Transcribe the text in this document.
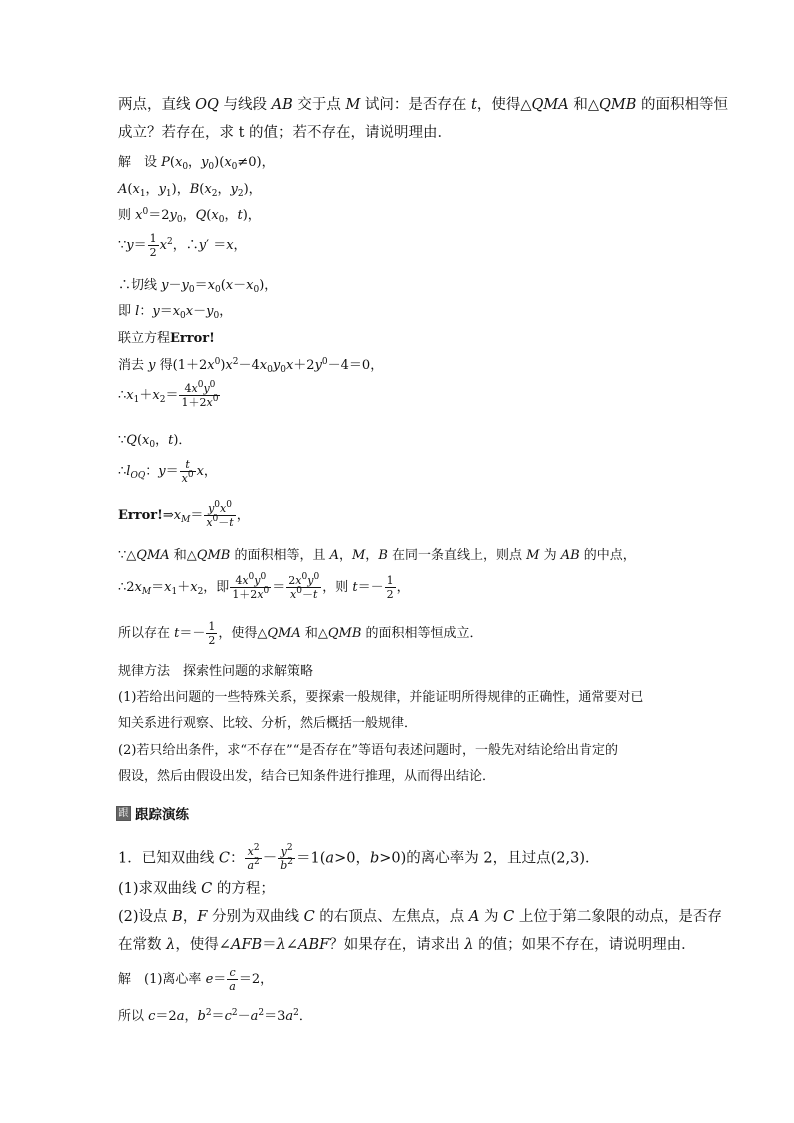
两点，直线 OQ 与线段 AB 交于点 M 试问：是否存在 t，使得△QMA 和△QMB 的面积相等恒
成立？若存在，求 t 的值；若不存在，请说明理由．
解　设 $P(x_0$，$y_0)(x_0\ne 0)$，
$A(x_1$，$y_1$)，$B(x_2$，$y_2$)，
则 $x^0=2y_0$，$Q(x_0$，t)，
∵y＝ $\frac{1}{2} x^2$，∴y′ ＝x，
∴切线 $y-y_0=x_0(x-x_0)$，
即 l：$y=x_0x-y_0$，
联立方程Error!
消去 y 得$(1+2x^0)x^2-4x_0y_0x+2y^0-4=0$，
$\therefore x_1+x_2= \frac{4x^0y^0}{1+2x^0}$
$\because Q(x_0$，t)．
$\therefore l_{OQ}$：$y= \frac{t}{x^0}$ x，
$Error!\Rightarrow x_M= \frac{y^0x^0}{x^0-t}$ ，
∵△QMA 和△QMB 的面积相等，且 A，M，B 在同一条直线上，则点 M 为 AB 的中点，
$\therefore 2x_M=x_1+x_2$，即 $\frac{4x^0y^0}{1+2x^0} = \frac{2x^0y^0}{x^0-t}$ ，则 $t=- \frac{1}{2}$ ，
所以存在 $t=- \frac{1}{2}$ ，使得△QMA 和△QMB 的面积相等恒成立．
规律方法　探索性问题的求解策略
(1)若给出问题的一些特殊关系，要探索一般规律，并能证明所得规律的正确性，通常要对已
知关系进行观察、比较、分析，然后概括一般规律．
(2)若只给出条件，求“不存在”“是否存在”等语句表述问题时，一般先对结论给出肯定的
假设，然后由假设出发，结合已知条件进行推理，从而得出结论．
跟 跟踪演练
1．已知双曲线 C： $\frac{x^2}{a^2} - \frac{y^2}{b^2} =1(a>0$，b>0)的离心率为 2，且过点(2,3)．
(1)求双曲线 C 的方程；
(2)设点 B，F 分别为双曲线 C 的右顶点、左焦点，点 A 为 C 上位于第二象限的动点，是否存
在常数 λ，使得∠AFB＝λ∠ABF？如果存在，请求出 λ 的值；如果不存在，请说明理由．
解　(1)离心率 $e= \frac{c}{a} =2$，
所以 c＝2a，$b^2=c^2-a^2=3a^2$．
